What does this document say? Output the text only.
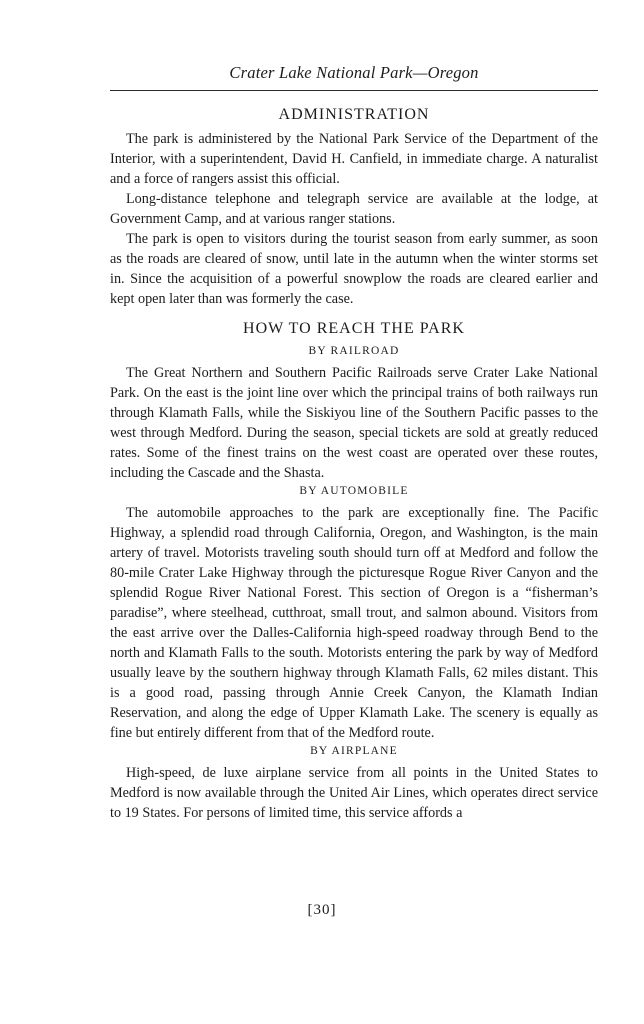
Crater Lake National Park—Oregon
ADMINISTRATION

The park is administered by the National Park Service of the Department of the Interior, with a superintendent, David H. Canfield, in immediate charge. A naturalist and a force of rangers assist this official.

Long-distance telephone and telegraph service are available at the lodge, at Government Camp, and at various ranger stations.

The park is open to visitors during the tourist season from early summer, as soon as the roads are cleared of snow, until late in the autumn when the winter storms set in. Since the acquisition of a powerful snowplow the roads are cleared earlier and kept open later than was formerly the case.

HOW TO REACH THE PARK
BY RAILROAD

The Great Northern and Southern Pacific Railroads serve Crater Lake National Park. On the east is the joint line over which the principal trains of both railways run through Klamath Falls, while the Siskiyou line of the Southern Pacific passes to the west through Medford. During the season, special tickets are sold at greatly reduced rates. Some of the finest trains on the west coast are operated over these routes, including the Cascade and the Shasta.

BY AUTOMOBILE

The automobile approaches to the park are exceptionally fine. The Pacific Highway, a splendid road through California, Oregon, and Washington, is the main artery of travel. Motorists traveling south should turn off at Medford and follow the 80-mile Crater Lake Highway through the picturesque Rogue River Canyon and the splendid Rogue River National Forest. This section of Oregon is a “fisherman’s paradise”, where steelhead, cutthroat, small trout, and salmon abound. Visitors from the east arrive over the Dalles-California high-speed roadway through Bend to the north and Klamath Falls to the south. Motorists entering the park by way of Medford usually leave by the southern highway through Klamath Falls, 62 miles distant. This is a good road, passing through Annie Creek Canyon, the Klamath Indian Reservation, and along the edge of Upper Klamath Lake. The scenery is equally as fine but entirely different from that of the Medford route.

BY AIRPLANE

High-speed, de luxe airplane service from all points in the United States to Medford is now available through the United Air Lines, which operates direct service to 19 States. For persons of limited time, this service affords a

[30]
